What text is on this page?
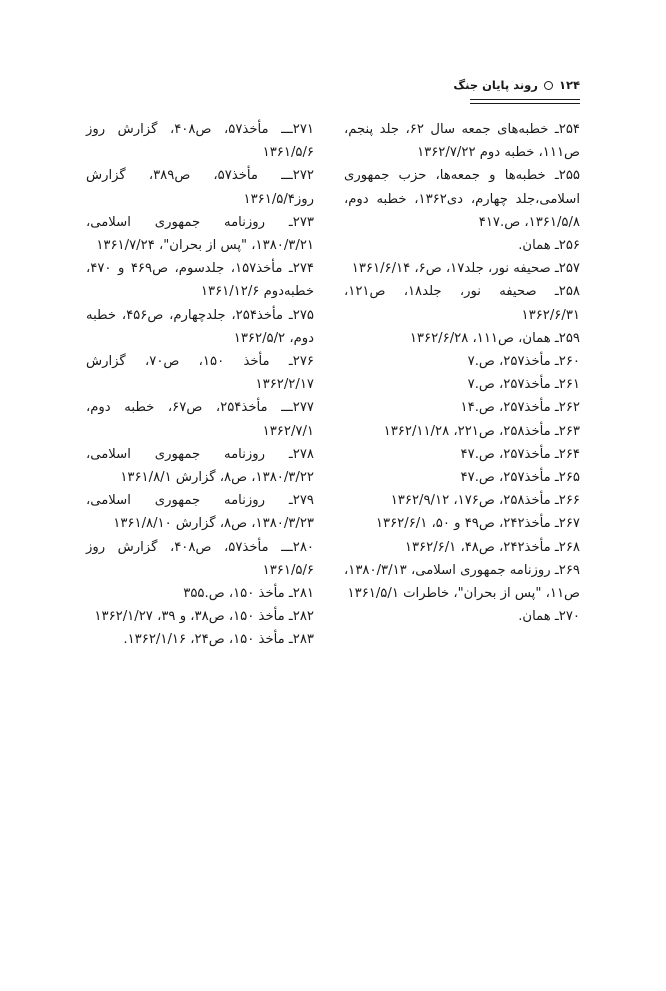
۱۲۴
روند پایان جنگ

۲۵۴ـ خطبه‌های جمعه سال ۶۲، جلد پنجم، ص۱۱۱، خطبه دوم ۱۳۶۲/۷/۲۲

۲۵۵ـ خطبه‌ها و جمعه‌ها، حزب جمهوری اسلامی،جلد چهارم، دی۱۳۶۲، خطبه دوم، ۱۳۶۱/۵/۸، ص.۴۱۷

۲۵۶ـ همان.

۲۵۷ـ صحیفه نور، جلد۱۷، ص۶، ۱۳۶۱/۶/۱۴

۲۵۸ـ صحیفه نور، جلد۱۸، ص۱۲۱، ۱۳۶۲/۶/۳۱

۲۵۹ـ همان، ص۱۱۱، ۱۳۶۲/۶/۲۸

۲۶۰ـ مأخذ۲۵۷، ص.۷

۲۶۱ـ مأخذ۲۵۷، ص.۷

۲۶۲ـ مأخذ۲۵۷، ص.۱۴

۲۶۳ـ مأخذ۲۵۸، ص۲۲۱، ۱۳۶۲/۱۱/۲۸

۲۶۴ـ مأخذ۲۵۷، ص.۴۷

۲۶۵ـ مأخذ۲۵۷، ص.۴۷

۲۶۶ـ مأخذ۲۵۸، ص۱۷۶، ۱۳۶۲/۹/۱۲

۲۶۷ـ مأخذ۲۴۲، ص۴۹ و ۵۰، ۱۳۶۲/۶/۱

۲۶۸ـ مأخذ۲۴۲، ص۴۸، ۱۳۶۲/۶/۱

۲۶۹ـ روزنامه جمهوری اسلامی، ۱۳۸۰/۳/۱۳، ص۱۱، "پس از بحران"، خاطرات ۱۳۶۱/۵/۱

۲۷۰ـ همان.

۲۷۱ـــ مأخذ۵۷، ص۴۰۸، گزارش روز ۱۳۶۱/۵/۶

۲۷۲ـــ مأخذ۵۷، ص۳۸۹، گزارش روز۱۳۶۱/۵/۴

۲۷۳ـ روزنامه جمهوری اسلامی، ۱۳۸۰/۳/۲۱، "پس از بحران"، ۱۳۶۱/۷/۲۴

۲۷۴ـ مأخذ۱۵۷، جلدسوم، ص۴۶۹ و ۴۷۰، خطبه‌دوم ۱۳۶۱/۱۲/۶

۲۷۵ـ مأخذ۲۵۴، جلدچهارم، ص۴۵۶، خطبه دوم، ۱۳۶۲/۵/۲

۲۷۶ـ مأخذ ۱۵۰، ص۷۰، گزارش ۱۳۶۲/۲/۱۷

۲۷۷ـــ مأخذ۲۵۴، ص۶۷، خطبه دوم، ۱۳۶۲/۷/۱

۲۷۸ـ روزنامه جمهوری اسلامی، ۱۳۸۰/۳/۲۲، ص۸، گزارش ۱۳۶۱/۸/۱

۲۷۹ـ روزنامه جمهوری اسلامی، ۱۳۸۰/۳/۲۳، ص۸، گزارش ۱۳۶۱/۸/۱۰

۲۸۰ـــ مأخذ۵۷، ص۴۰۸، گزارش روز ۱۳۶۱/۵/۶

۲۸۱ـ مأخذ ۱۵۰، ص.۳۵۵

۲۸۲ـ مأخذ ۱۵۰، ص۳۸، و ۳۹، ۱۳۶۲/۱/۲۷

۲۸۳ـ مأخذ ۱۵۰، ص۲۴، ۱۳۶۲/۱/۱۶.
